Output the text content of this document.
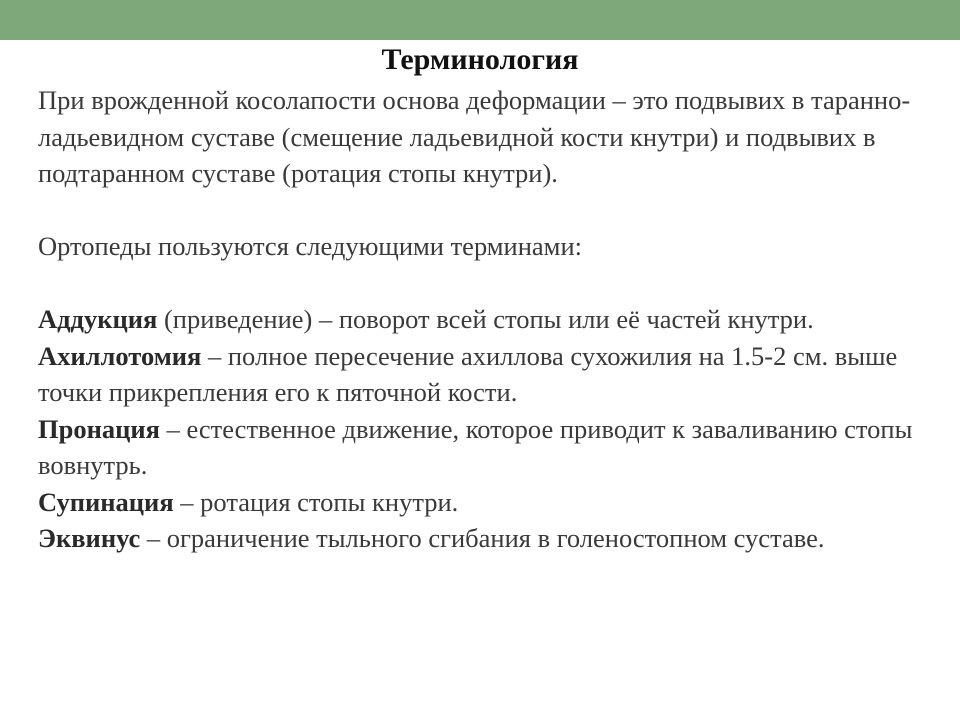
Терминология

При врожденной косолапости основа деформации – это подвывих в таранно-ладьевидном суставе (смещение ладьевидной кости кнутри) и подвывих в подтаранном суставе (ротация стопы кнутри).

Ортопеды пользуются следующими терминами:

Аддукция (приведение) – поворот всей стопы или её частей кнутри.

Ахиллотомия – полное пересечение ахиллова сухожилия на 1.5-2 см. выше точки прикрепления его к пяточной кости.

Пронация – естественное движение, которое приводит к заваливанию стопы вовнутрь.

Супинация – ротация стопы кнутри.

Эквинус – ограничение тыльного сгибания в голеностопном суставе.
